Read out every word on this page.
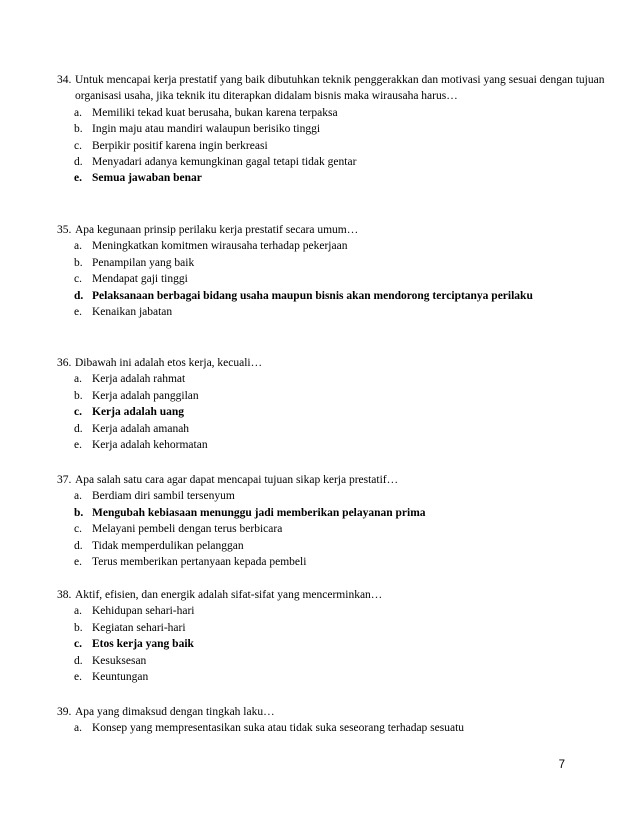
34. Untuk mencapai kerja prestatif yang baik dibutuhkan teknik penggerakkan dan motivasi yang sesuai dengan tujuan organisasi usaha, jika teknik itu diterapkan didalam bisnis maka wirausaha harus…
a. Memiliki tekad kuat berusaha, bukan karena terpaksa
b. Ingin maju atau mandiri walaupun berisiko tinggi
c. Berpikir positif karena ingin berkreasi
d. Menyadari adanya kemungkinan gagal tetapi tidak gentar
e. Semua jawaban benar
35. Apa kegunaan prinsip perilaku kerja prestatif secara umum…
a. Meningkatkan komitmen wirausaha terhadap pekerjaan
b. Penampilan yang baik
c. Mendapat gaji tinggi
d. Pelaksanaan berbagai bidang usaha maupun bisnis akan mendorong terciptanya perilaku
e. Kenaikan jabatan
36. Dibawah ini adalah etos kerja, kecuali…
a. Kerja adalah rahmat
b. Kerja adalah panggilan
c. Kerja adalah uang
d. Kerja adalah amanah
e. Kerja adalah kehormatan
37. Apa salah satu cara agar dapat mencapai tujuan sikap kerja prestatif…
a. Berdiam diri sambil tersenyum
b. Mengubah kebiasaan menunggu jadi memberikan pelayanan prima
c. Melayani pembeli dengan terus berbicara
d. Tidak memperdulikan pelanggan
e. Terus memberikan pertanyaan kepada pembeli
38. Aktif, efisien, dan energik adalah sifat-sifat yang mencerminkan…
a. Kehidupan sehari-hari
b. Kegiatan sehari-hari
c. Etos kerja yang baik
d. Kesuksesan
e. Keuntungan
39. Apa yang dimaksud dengan tingkah laku…
a. Konsep yang mempresentasikan suka atau tidak suka seseorang terhadap sesuatu
7
